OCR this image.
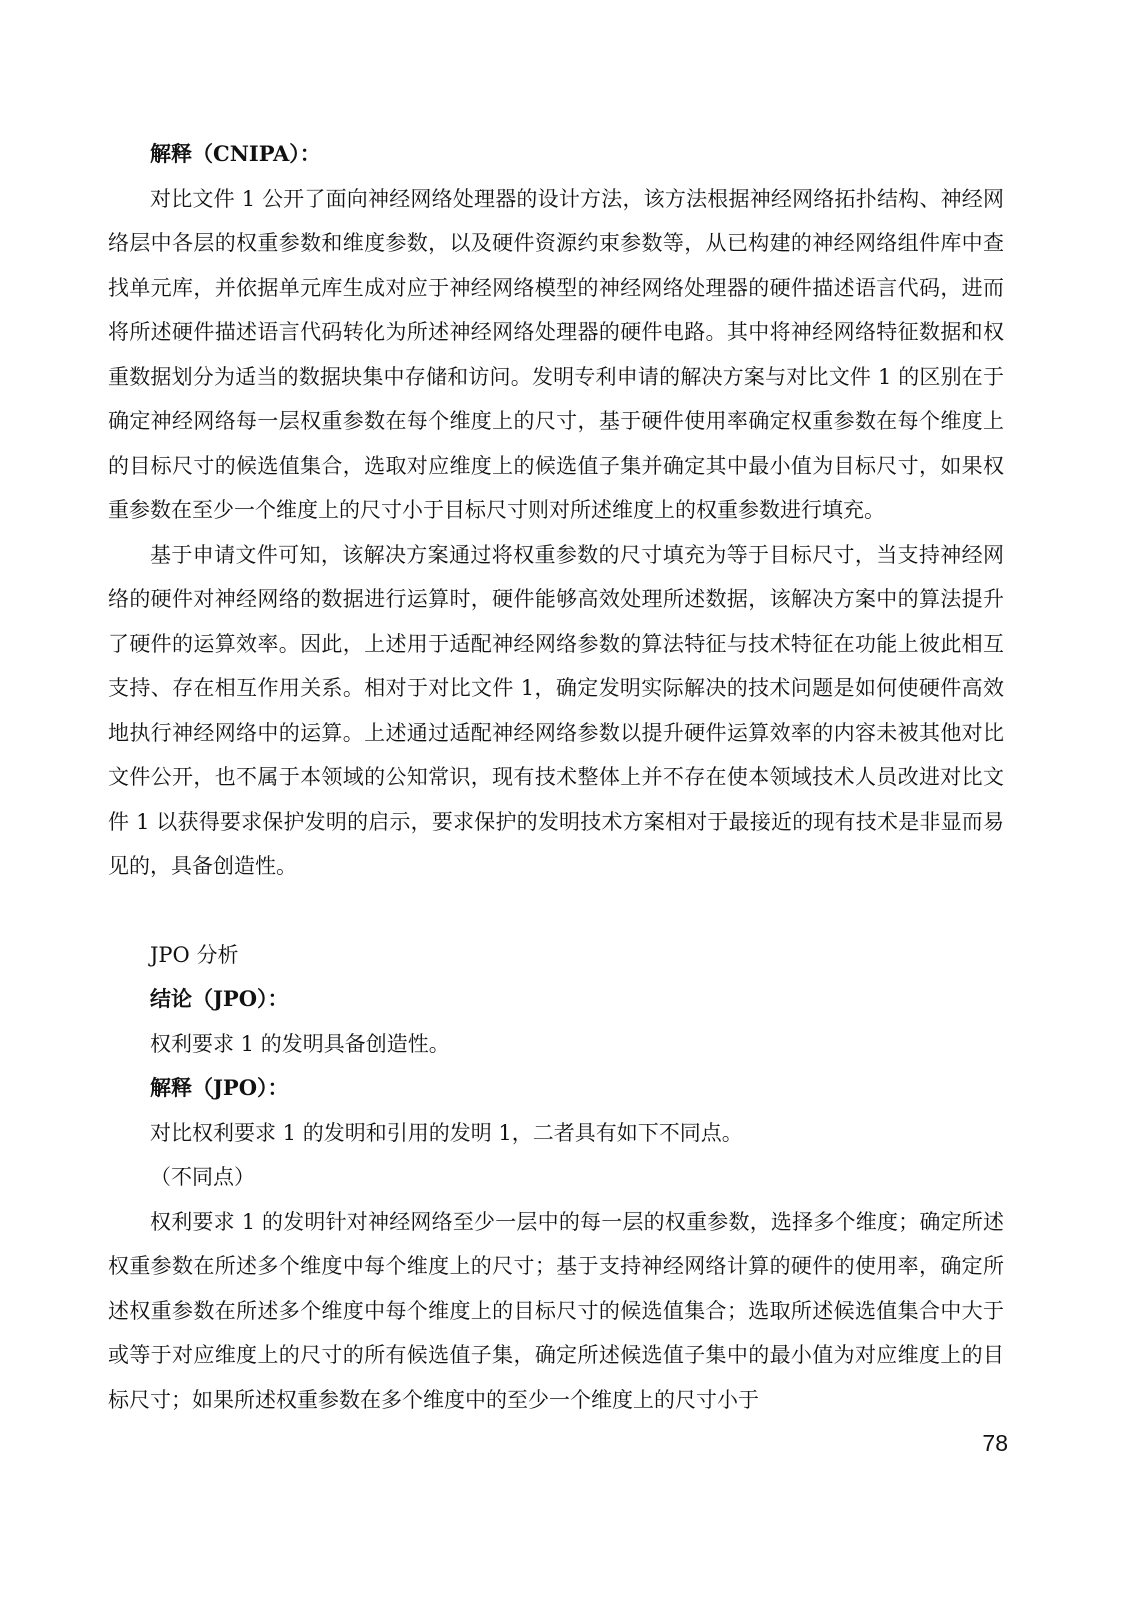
解释（CNIPA）：

对比文件 1 公开了面向神经网络处理器的设计方法，该方法根据神经网络拓扑结构、神经网络层中各层的权重参数和维度参数，以及硬件资源约束参数等，从已构建的神经网络组件库中查找单元库，并依据单元库生成对应于神经网络模型的神经网络处理器的硬件描述语言代码，进而将所述硬件描述语言代码转化为所述神经网络处理器的硬件电路。其中将神经网络特征数据和权重数据划分为适当的数据块集中存储和访问。发明专利申请的解决方案与对比文件 1 的区别在于确定神经网络每一层权重参数在每个维度上的尺寸，基于硬件使用率确定权重参数在每个维度上的目标尺寸的候选值集合，选取对应维度上的候选值子集并确定其中最小值为目标尺寸，如果权重参数在至少一个维度上的尺寸小于目标尺寸则对所述维度上的权重参数进行填充。

基于申请文件可知，该解决方案通过将权重参数的尺寸填充为等于目标尺寸，当支持神经网络的硬件对神经网络的数据进行运算时，硬件能够高效处理所述数据，该解决方案中的算法提升了硬件的运算效率。因此，上述用于适配神经网络参数的算法特征与技术特征在功能上彼此相互支持、存在相互作用关系。相对于对比文件 1，确定发明实际解决的技术问题是如何使硬件高效地执行神经网络中的运算。上述通过适配神经网络参数以提升硬件运算效率的内容未被其他对比文件公开，也不属于本领域的公知常识，现有技术整体上并不存在使本领域技术人员改进对比文件 1 以获得要求保护发明的启示，要求保护的发明技术方案相对于最接近的现有技术是非显而易见的，具备创造性。

JPO 分析

结论（JPO）：

权利要求 1 的发明具备创造性。

解释（JPO）：

对比权利要求 1 的发明和引用的发明 1，二者具有如下不同点。

（不同点）

权利要求 1 的发明针对神经网络至少一层中的每一层的权重参数，选择多个维度；确定所述权重参数在所述多个维度中每个维度上的尺寸；基于支持神经网络计算的硬件的使用率，确定所述权重参数在所述多个维度中每个维度上的目标尺寸的候选值集合；选取所述候选值集合中大于或等于对应维度上的尺寸的所有候选值子集，确定所述候选值子集中的最小值为对应维度上的目标尺寸；如果所述权重参数在多个维度中的至少一个维度上的尺寸小于

78
